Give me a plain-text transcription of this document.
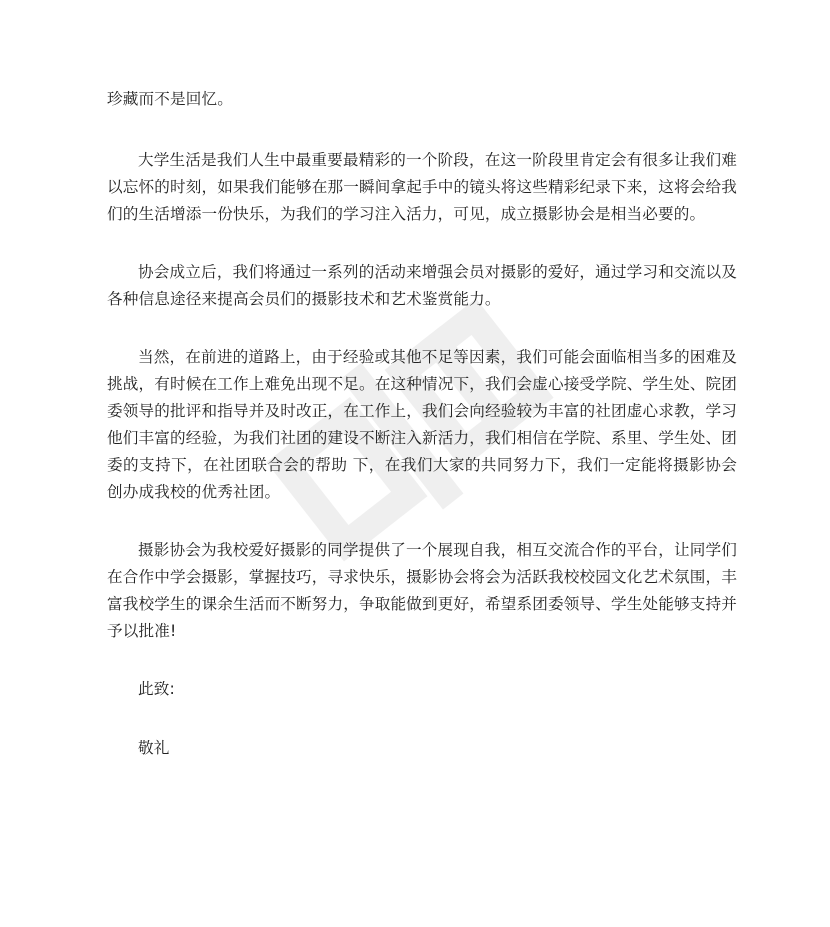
珍藏而不是回忆。

大学生活是我们人生中最重要最精彩的一个阶段，在这一阶段里肯定会有很多让我们难以忘怀的时刻，如果我们能够在那一瞬间拿起手中的镜头将这些精彩纪录下来，这将会给我们的生活增添一份快乐，为我们的学习注入活力，可见，成立摄影协会是相当必要的。

协会成立后，我们将通过一系列的活动来增强会员对摄影的爱好，通过学习和交流以及各种信息途径来提高会员们的摄影技术和艺术鉴赏能力。

当然，在前进的道路上，由于经验或其他不足等因素，我们可能会面临相当多的困难及挑战，有时候在工作上难免出现不足。在这种情况下，我们会虚心接受学院、学生处、院团委领导的批评和指导并及时改正，在工作上，我们会向经验较为丰富的社团虚心求教，学习他们丰富的经验，为我们社团的建设不断注入新活力，我们相信在学院、系里、学生处、团委的支持下，在社团联合会的帮助 下，在我们大家的共同努力下，我们一定能将摄影协会创办成我校的优秀社团。

摄影协会为我校爱好摄影的同学提供了一个展现自我，相互交流合作的平台，让同学们在合作中学会摄影，掌握技巧，寻求快乐，摄影协会将会为活跃我校校园文化艺术氛围，丰富我校学生的课余生活而不断努力，争取能做到更好，希望系团委领导、学生处能够支持并予以批准!

此致:

敬礼
